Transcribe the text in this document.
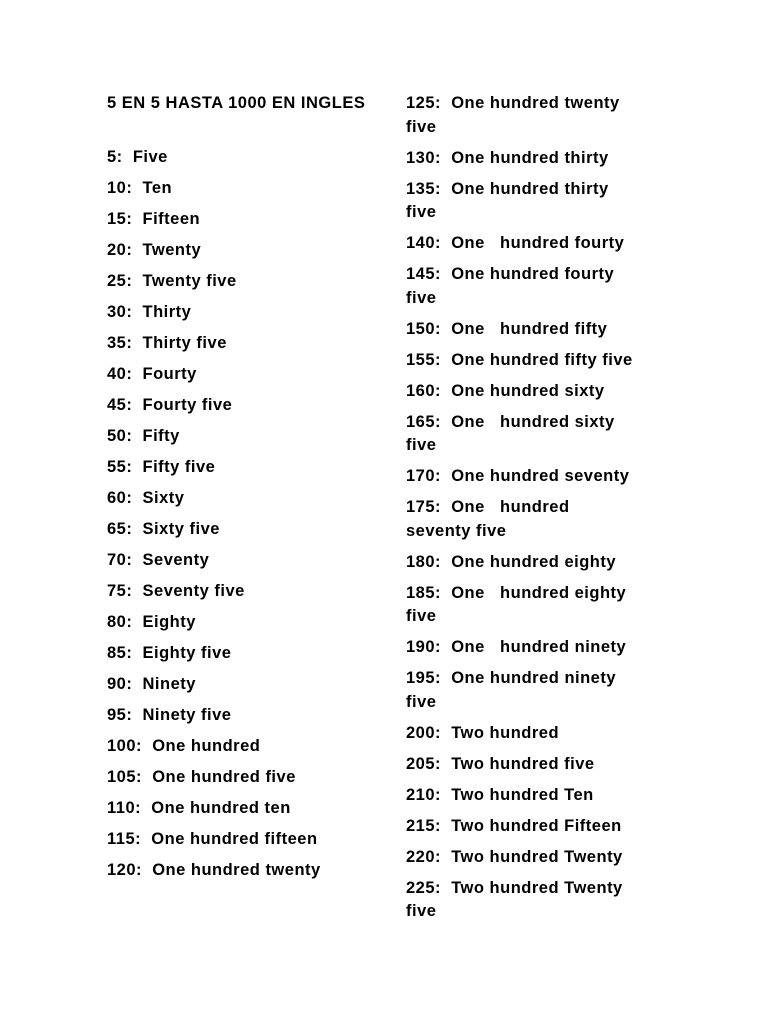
5 EN 5 HASTA 1000 EN INGLES
5:  Five
10:  Ten
15:  Fifteen
20:  Twenty
25:  Twenty five
30:  Thirty
35:  Thirty five
40:  Fourty
45:  Fourty five
50:  Fifty
55:  Fifty five
60:  Sixty
65:  Sixty five
70:  Seventy
75:  Seventy five
80:  Eighty
85:  Eighty five
90:  Ninety
95:  Ninety five
100:  One hundred
105:  One hundred five
110:  One hundred ten
115:  One hundred fifteen
120:  One hundred twenty
125:  One hundred twenty
five
130:  One hundred thirty
135:  One hundred thirty
five
140:  One   hundred fourty
145:  One hundred fourty
five
150:  One   hundred fifty
155:  One hundred fifty five
160:  One hundred sixty
165:  One   hundred sixty
five
170:  One hundred seventy
175:  One   hundred
seventy five
180:  One hundred eighty
185:  One   hundred eighty
five
190:  One   hundred ninety
195:  One hundred ninety
five
200:  Two hundred
205:  Two hundred five
210:  Two hundred Ten
215:  Two hundred Fifteen
220:  Two hundred Twenty
225:  Two hundred Twenty
five
